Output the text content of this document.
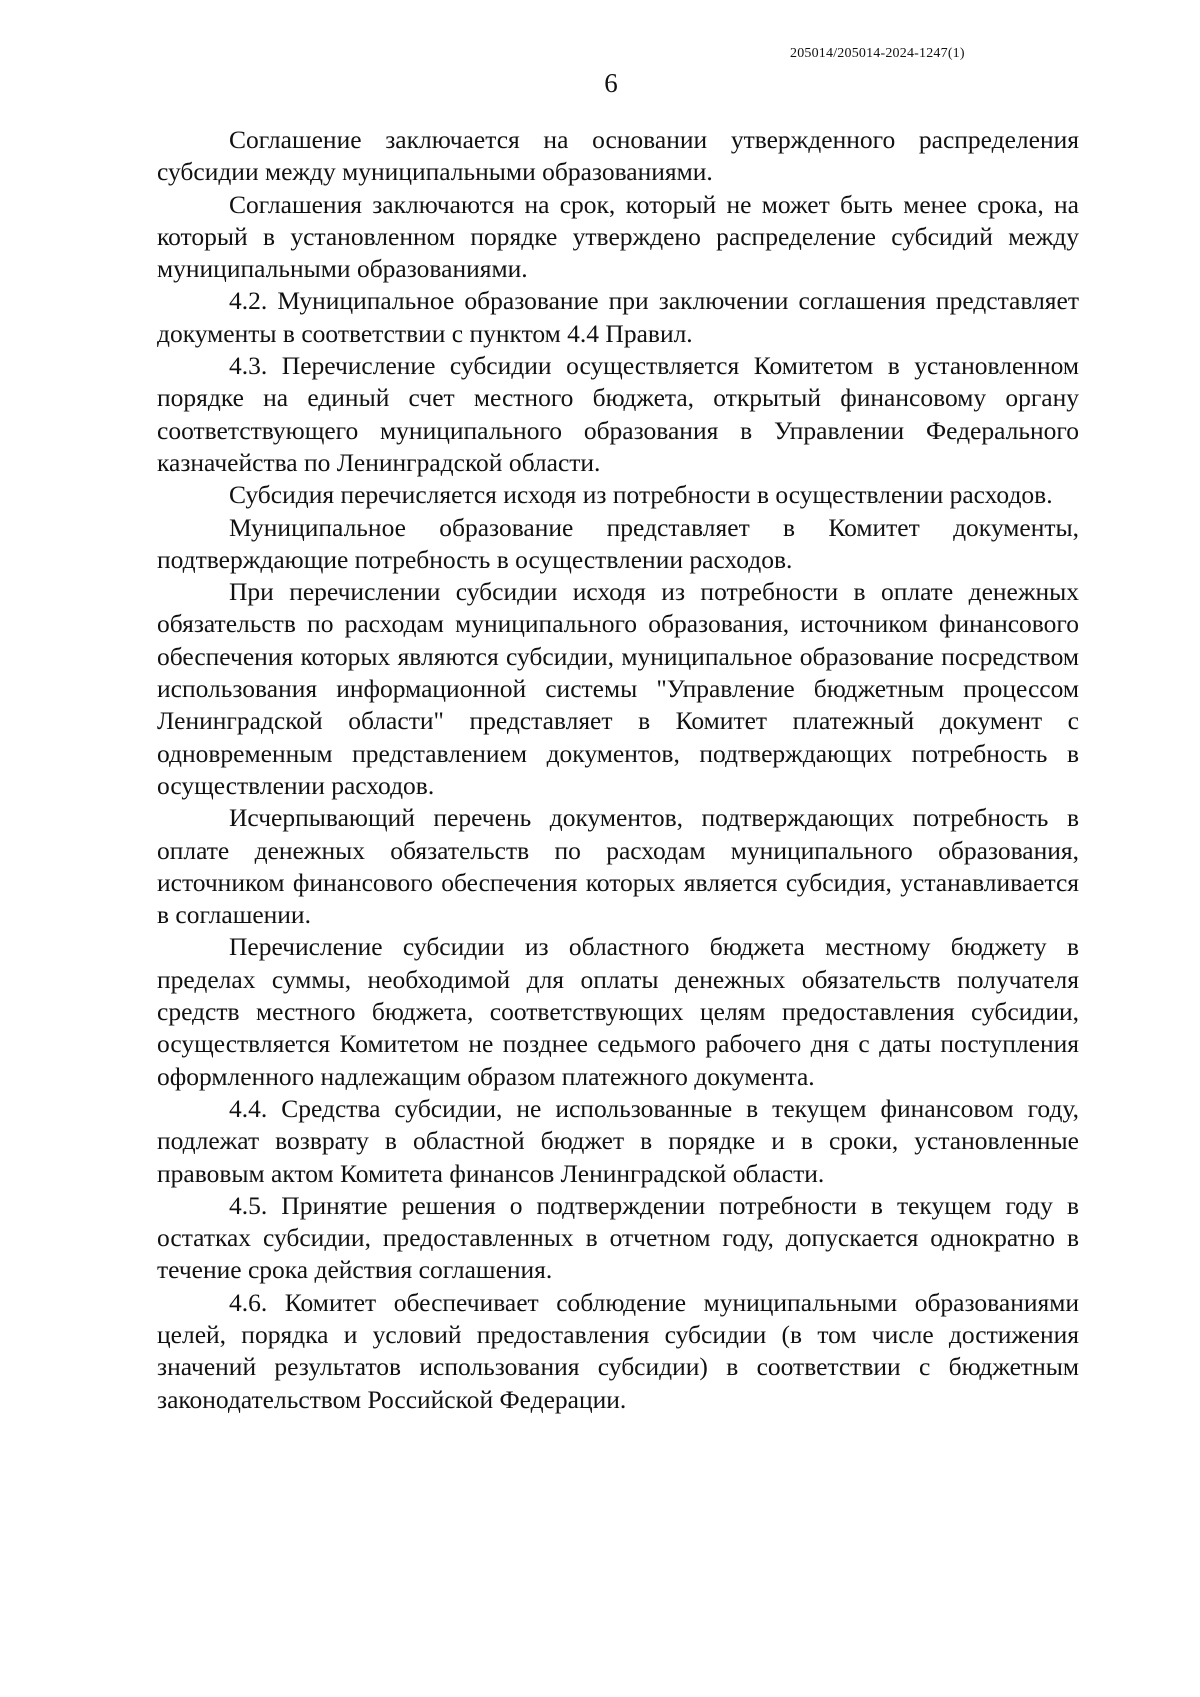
205014/205014-2024-1247(1)
6

Соглашение заключается на основании утвержденного распределения субсидии между муниципальными образованиями.

Соглашения заключаются на срок, который не может быть менее срока, на который в установленном порядке утверждено распределение субсидий между муниципальными образованиями.

4.2. Муниципальное образование при заключении соглашения представляет документы в соответствии с пунктом 4.4 Правил.

4.3. Перечисление субсидии осуществляется Комитетом в установленном порядке на единый счет местного бюджета, открытый финансовому органу соответствующего муниципального образования в Управлении Федерального казначейства по Ленинградской области.

Субсидия перечисляется исходя из потребности в осуществлении расходов.

Муниципальное образование представляет в Комитет документы, подтверждающие потребность в осуществлении расходов.

При перечислении субсидии исходя из потребности в оплате денежных обязательств по расходам муниципального образования, источником финансового обеспечения которых являются субсидии, муниципальное образование посредством использования информационной системы "Управление бюджетным процессом Ленинградской области" представляет в Комитет платежный документ с одновременным представлением документов, подтверждающих потребность в осуществлении расходов.

Исчерпывающий перечень документов, подтверждающих потребность в оплате денежных обязательств по расходам муниципального образования, источником финансового обеспечения которых является субсидия, устанавливается в соглашении.

Перечисление субсидии из областного бюджета местному бюджету в пределах суммы, необходимой для оплаты денежных обязательств получателя средств местного бюджета, соответствующих целям предоставления субсидии, осуществляется Комитетом не позднее седьмого рабочего дня с даты поступления оформленного надлежащим образом платежного документа.

4.4. Средства субсидии, не использованные в текущем финансовом году, подлежат возврату в областной бюджет в порядке и в сроки, установленные правовым актом Комитета финансов Ленинградской области.

4.5. Принятие решения о подтверждении потребности в текущем году в остатках субсидии, предоставленных в отчетном году, допускается однократно в течение срока действия соглашения.

4.6. Комитет обеспечивает соблюдение муниципальными образованиями целей, порядка и условий предоставления субсидии (в том числе достижения значений результатов использования субсидии) в соответствии с бюджетным законодательством Российской Федерации.
